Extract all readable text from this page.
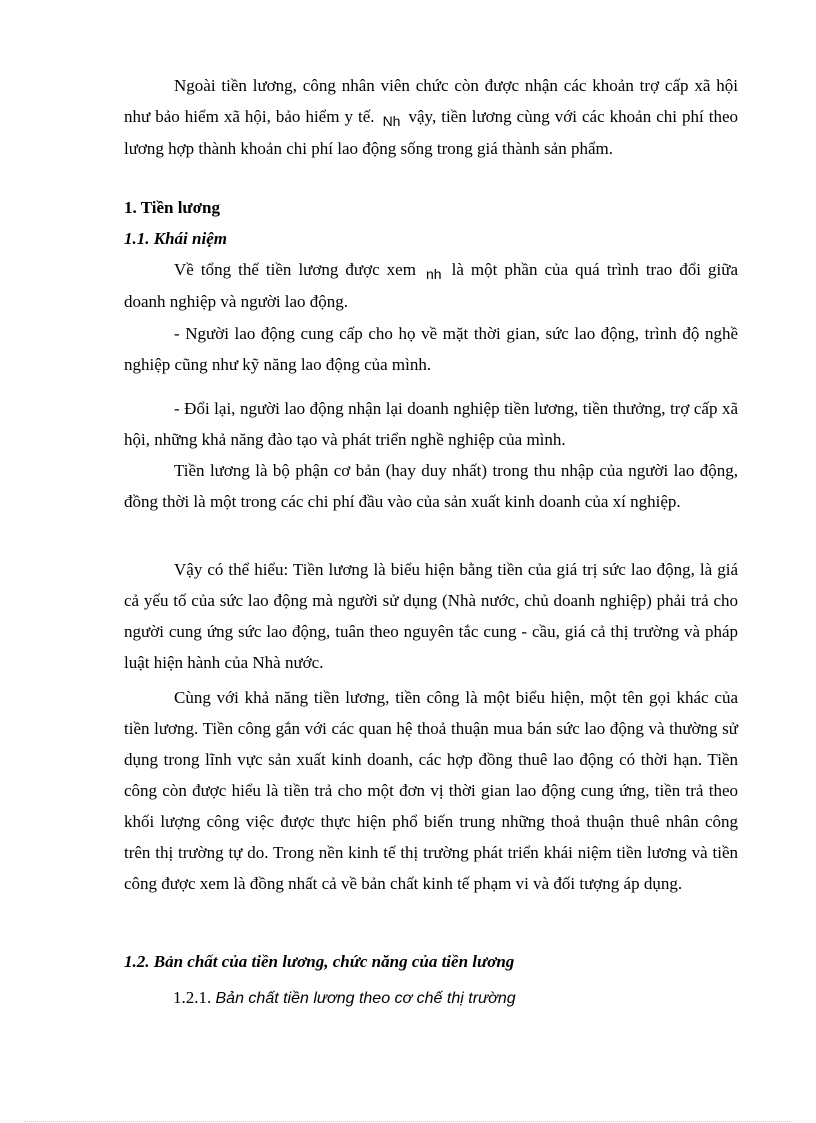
Ngoài tiền lương, công nhân viên chức còn được nhận các khoản trợ cấp xã hội như bảo hiểm xã hội, bảo hiểm y tế. $_{Nh}$ vậy, tiền lương cùng với các khoản chi phí theo lương hợp thành khoản chi phí lao động sống trong giá thành sản phẩm.

1. Tiền lương
1.1. Khái niệm

Về tổng thể tiền lương được xem $_{nh}$ là một phần của quá trình trao đổi giữa doanh nghiệp và người lao động.

- Người lao động cung cấp cho họ về mặt thời gian, sức lao động, trình độ nghề nghiệp cũng như kỹ năng lao động của mình.

- Đổi lại, người lao động nhận lại doanh nghiệp tiền lương, tiền thưởng, trợ cấp xã hội, những khả năng đào tạo và phát triển nghề nghiệp của mình.

Tiền lương là bộ phận cơ bản (hay duy nhất) trong thu nhập của người lao động, đồng thời là một trong các chi phí đầu vào của sản xuất kinh doanh của xí nghiệp.

Vậy có thể hiểu: Tiền lương là biểu hiện bằng tiền của giá trị sức lao động, là giá cả yếu tố của sức lao động mà người sử dụng (Nhà nước, chủ doanh nghiệp) phải trả cho người cung ứng sức lao động, tuân theo nguyên tắc cung - cầu, giá cả thị trường và pháp luật hiện hành của Nhà nước.

Cùng với khả năng tiền lương, tiền công là một biểu hiện, một tên gọi khác của tiền lương. Tiền công gắn với các quan hệ thoả thuận mua bán sức lao động và thường sử dụng trong lĩnh vực sản xuất kinh doanh, các hợp đồng thuê lao động có thời hạn. Tiền công còn được hiểu là tiền trả cho một đơn vị thời gian lao động cung ứng, tiền trả theo khối lượng công việc được thực hiện phổ biến trung những thoả thuận thuê nhân công trên thị trường tự do. Trong nền kinh tế thị trường phát triển khái niệm tiền lương và tiền công được xem là đồng nhất cả về bản chất kinh tế phạm vi và đối tượng áp dụng.

1.2. Bản chất của tiền lương, chức năng của tiền lương

1.2.1. Bản chất tiền lương theo cơ chế thị trường
